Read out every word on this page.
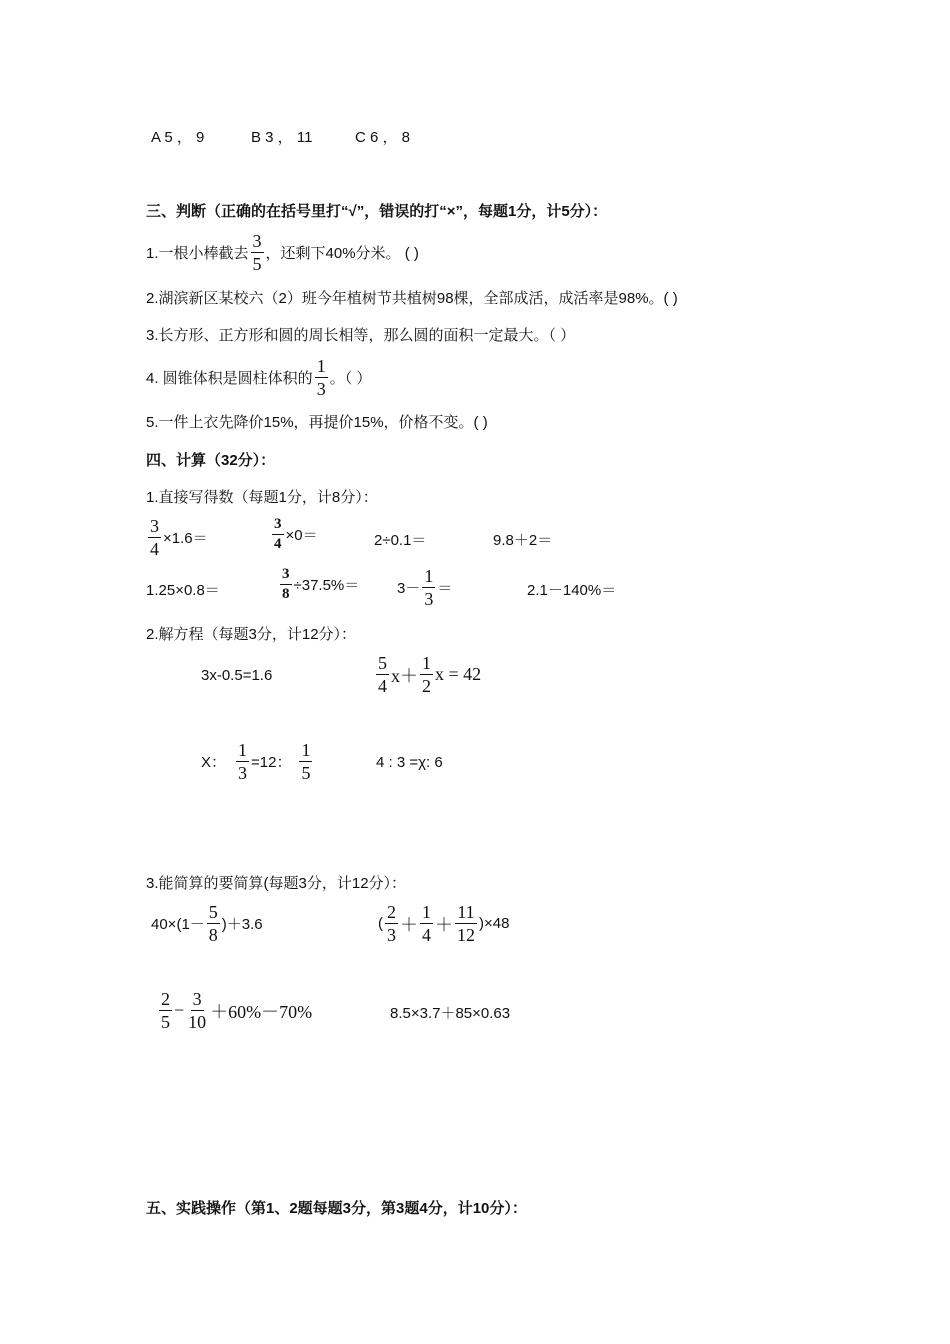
A 5 ， 9	B 3 ， 11	C 6 ， 8
三、判断（正确的在括号里打“√”，错误的打“×”，每题1分，计5分）：
1.一根小棒截去 $\frac{3}{5}$ ，还剩下40%分米。 ( )
2.湖滨新区某校六（2）班今年植树节共植树98棵，全部成活，成活率是98%。( )
3.长方形、正方形和圆的周长相等，那么圆的面积一定最大。（ ）
4. 圆锥体积是圆柱体积的 $\frac{1}{3}$ 。（ ）
5.一件上衣先降价15%，再提价15%，价格不变。( )
四、计算（32分）：
1.直接写得数（每题1分，计8分）：
$\frac{3}{4} \times 1.6=$	$\frac{3}{4} \times 0=$	2÷0.1＝	9.8＋2＝
1.25×0.8＝	$\frac{3}{8} \div 37.5\%=$	$3- \frac{1}{3}$ ＝	2.1－140%＝
2.解方程（每题3分，计12分）：
3x-0.5=1.6	$\frac{5}{4} x+ \frac{1}{2}$ x = 42
X： $\frac{1}{3} =12$： $\frac{1}{5}$	4 : 3 =χ: 6
3.能简算的要简算(每题3分，计12分）：
$40\times(1- \frac{5}{8} )+3.6$	( $\frac{2}{3} + \frac{1}{4} + \frac{11}{12} )\times 48$
$\frac{2}{5} - \frac{3}{10} +60\%-70\%$	8.5×3.7＋85×0.63
五、实践操作（第1、2题每题3分，第3题4分，计10分）：
